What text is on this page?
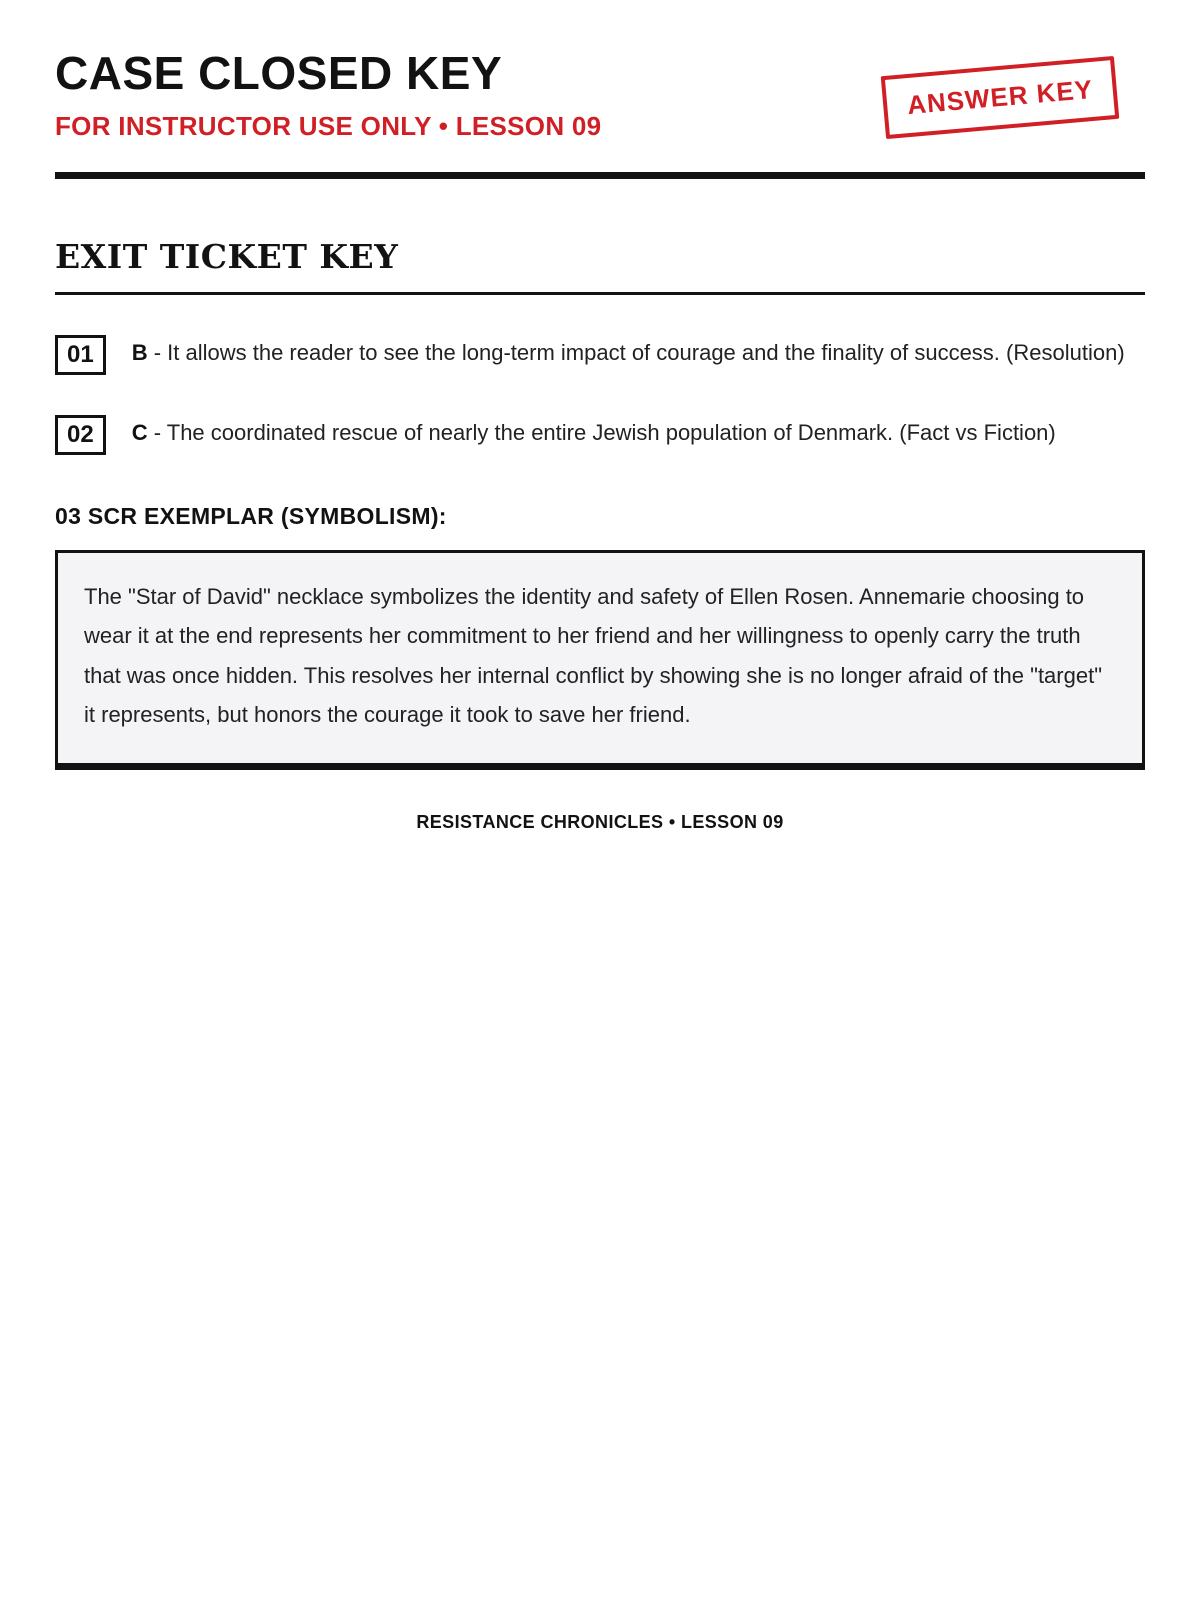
CASE CLOSED KEY
FOR INSTRUCTOR USE ONLY • LESSON 09
ANSWER KEY
EXIT TICKET KEY
01	B - It allows the reader to see the long-term impact of courage and the finality of success. (Resolution)
02	C - The coordinated rescue of nearly the entire Jewish population of Denmark. (Fact vs Fiction)
03 SCR EXEMPLAR (SYMBOLISM):
The "Star of David" necklace symbolizes the identity and safety of Ellen Rosen. Annemarie choosing to wear it at the end represents her commitment to her friend and her willingness to openly carry the truth that was once hidden. This resolves her internal conflict by showing she is no longer afraid of the "target" it represents, but honors the courage it took to save her friend.
RESISTANCE CHRONICLES • LESSON 09
